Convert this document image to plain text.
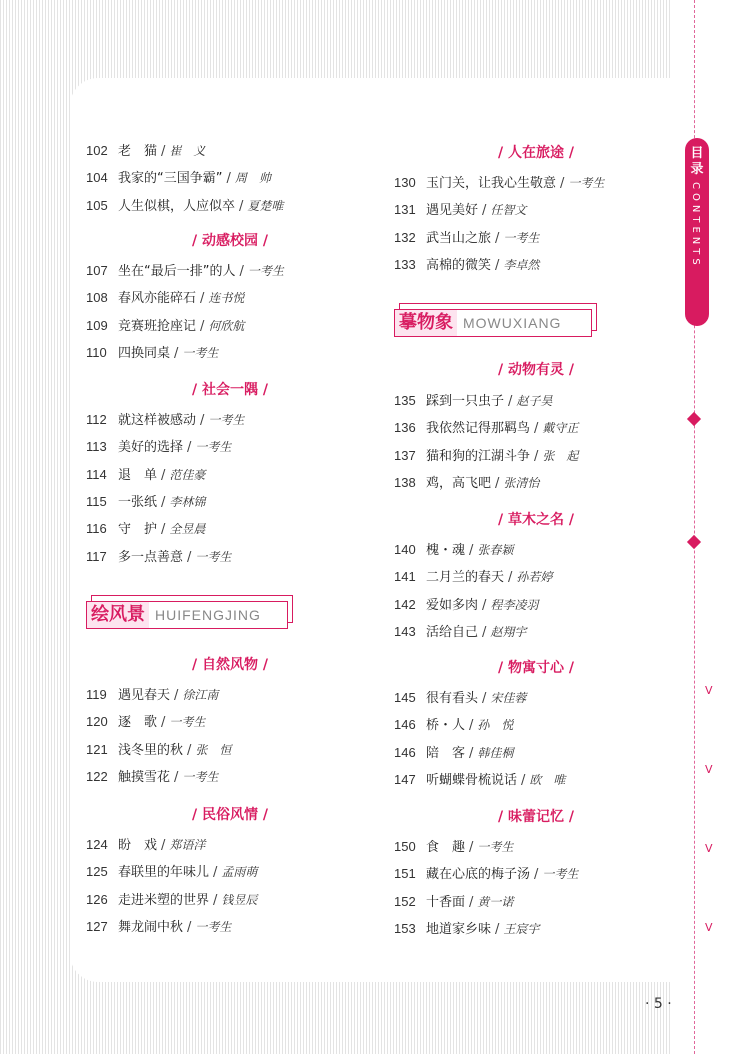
目录
CONTENTS
V
V
V
V
· 5 ·
102 老　猫 / 崔　义
104 我家的“三国争霸” / 周　帅
105 人生似棋，人应似卒 / 夏楚唯
/ 动感校园 /
107 坐在“最后一排”的人 / 一考生
108 春风亦能碎石 / 连书悦
109 竞赛班抢座记 / 何欣航
110 四换同桌 / 一考生
/ 社会一隅 /
112 就这样被感动 / 一考生
113 美好的选择 / 一考生
114 退　单 / 范佳豪
115 一张纸 / 李林锦
116 守　护 / 全昱晨
117 多一点善意 / 一考生
绘风景 HUIFENGJING
/ 自然风物 /
119 遇见春天 / 徐江南
120 逐　歌 / 一考生
121 浅冬里的秋 / 张　恒
122 触摸雪花 / 一考生
/ 民俗风情 /
124 盼　戏 / 郑语洋
125 春联里的年味儿 / 孟雨萌
126 走进米塑的世界 / 钱昱辰
127 舞龙闹中秋 / 一考生
/ 人在旅途 /
130 玉门关，让我心生敬意 / 一考生
131 遇见美好 / 任智文
132 武当山之旅 / 一考生
133 高棉的微笑 / 李卓然
摹物象 MOWUXIANG
/ 动物有灵 /
135 踩到一只虫子 / 赵子昊
136 我依然记得那羁鸟 / 戴守正
137 猫和狗的江湖斗争 / 张　起
138 鸡，高飞吧 / 张清怡
/ 草木之名 /
140 槐・魂 / 张春颖
141 二月兰的春天 / 孙若婷
142 爱如多肉 / 程李凌羽
143 活给自己 / 赵翔宇
/ 物寓寸心 /
145 很有看头 / 宋佳蓉
146 桥・人 / 孙　悦
146 陪　客 / 韩佳桐
147 听蝴蝶骨梳说话 / 欧　唯
/ 味蕾记忆 /
150 食　趣 / 一考生
151 藏在心底的梅子汤 / 一考生
152 十香面 / 黄一诺
153 地道家乡味 / 王宸宇
